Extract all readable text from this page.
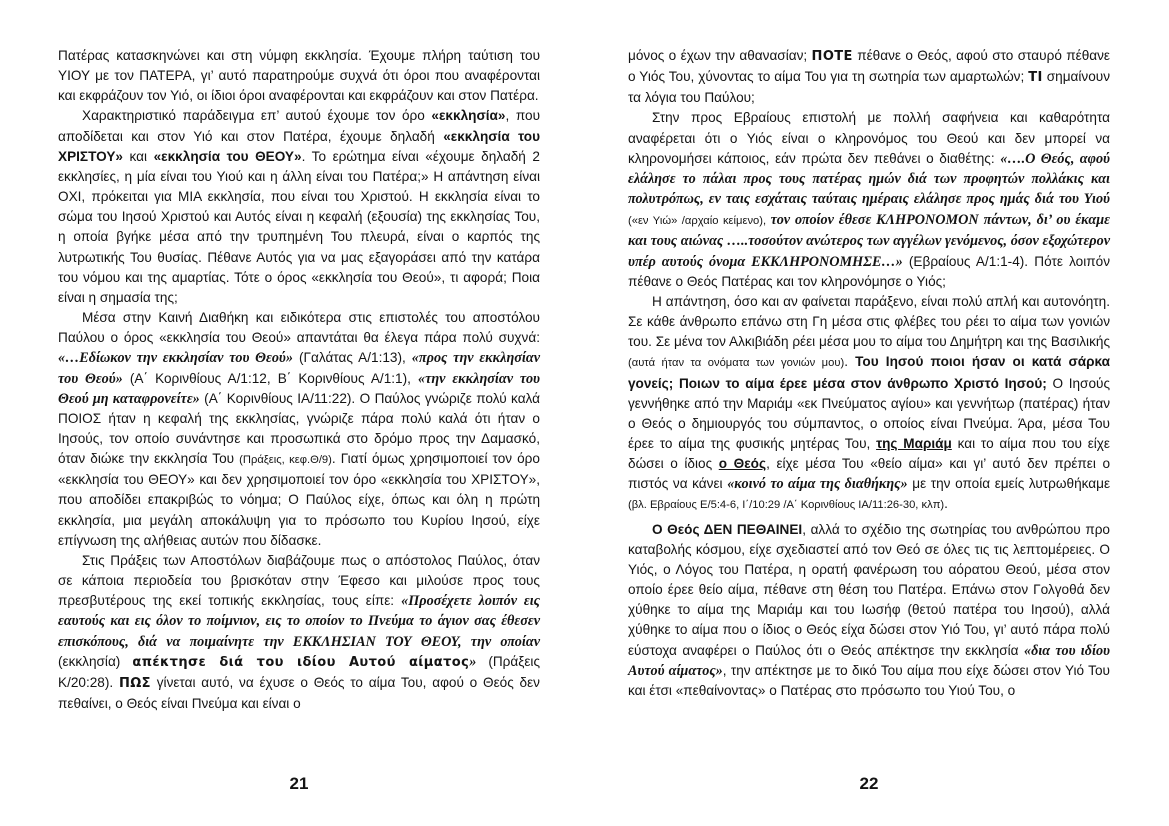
Πατέρας κατασκηνώνει και στη νύμφη εκκλησία. Έχουμε πλήρη ταύτιση του ΥΙΟΥ με τον ΠΑΤΕΡΑ, γι’ αυτό παρατηρούμε συχνά ότι όροι που αναφέρονται και εκφράζουν τον Υιό, οι ίδιοι όροι αναφέρονται και εκφράζουν και στον Πατέρα.

Χαρακτηριστικό παράδειγμα επ’ αυτού έχουμε τον όρο «εκκλησία», που αποδίδεται και στον Υιό και στον Πατέρα, έχουμε δηλαδή «εκκλησία του ΧΡΙΣΤΟΥ» και «εκκλησία του ΘΕΟΥ». Το ερώτημα είναι «έχουμε δηλαδή 2 εκκλησίες, η μία είναι του Υιού και η άλλη είναι του Πατέρα;» Η απάντηση είναι ΟΧΙ, πρόκειται για ΜΙΑ εκκλησία, που είναι του Χριστού. Η εκκλησία είναι το σώμα του Ιησού Χριστού και Αυτός είναι η κεφαλή (εξουσία) της εκκλησίας Του, η οποία βγήκε μέσα από την τρυπημένη Του πλευρά, είναι ο καρπός της λυτρωτικής Του θυσίας. Πέθανε Αυτός για να μας εξαγοράσει από την κατάρα του νόμου και της αμαρτίας. Τότε ο όρος «εκκλησία του Θεού», τι αφορά; Ποια είναι η σημασία της;

Μέσα στην Καινή Διαθήκη και ειδικότερα στις επιστολές του αποστόλου Παύλου ο όρος «εκκλησία του Θεού» απαντάται θα έλεγα πάρα πολύ συχνά: «…Εδίωκον την εκκλησίαν του Θεού» (Γαλάτας Α/1:13), «προς την εκκλησίαν του Θεού» (Α΄ Κορινθίους Α/1:12, Β΄ Κορινθίους Α/1:1), «την εκκλησίαν του Θεού μη καταφρονείτε» (Α΄ Κορινθίους ΙΑ/11:22). Ο Παύλος γνώριζε πολύ καλά ΠΟΙΟΣ ήταν η κεφαλή της εκκλησίας, γνώριζε πάρα πολύ καλά ότι ήταν ο Ιησούς, τον οποίο συνάντησε και προσωπικά στο δρόμο προς την Δαμασκό, όταν διώκε την εκκλησία Του (Πράξεις, κεφ.Θ/9). Γιατί όμως χρησιμοποιεί τον όρο «εκκλησία του ΘΕΟΥ» και δεν χρησιμοποιεί τον όρο «εκκλησία του ΧΡΙΣΤΟΥ», που αποδίδει επακριβώς το νόημα; Ο Παύλος είχε, όπως και όλη η πρώτη εκκλησία, μια μεγάλη αποκάλυψη για το πρόσωπο του Κυρίου Ιησού, είχε επίγνωση της αλήθειας αυτών που δίδασκε.

Στις Πράξεις των Αποστόλων διαβάζουμε πως ο απόστολος Παύλος, όταν σε κάποια περιοδεία του βρισκόταν στην Έφεσο και μιλούσε προς τους πρεσβυτέρους της εκεί τοπικής εκκλησίας, τους είπε: «Προσέχετε λοιπόν εις εαυτούς και εις όλον το ποίμνιον, εις το οποίον το Πνεύμα το άγιον σας έθεσεν επισκόπους, διά να ποιμαίνητε την ΕΚΚΛΗΣΙΑΝ ΤΟΥ ΘΕΟΥ, την οποίαν (εκκλησία) απέκτησε διά του ιδίου Αυτού αίματος» (Πράξεις Κ/20:28). ΠΩΣ γίνεται αυτό, να έχυσε ο Θεός το αίμα Του, αφού ο Θεός δεν πεθαίνει, ο Θεός είναι Πνεύμα και είναι ο

21

μόνος ο έχων την αθανασίαν; ΠΟΤΕ πέθανε ο Θεός, αφού στο σταυρό πέθανε ο Υιός Του, χύνοντας το αίμα Του για τη σωτηρία των αμαρτωλών; ΤΙ σημαίνουν τα λόγια του Παύλου;

Στην προς Εβραίους επιστολή με πολλή σαφήνεια και καθαρότητα αναφέρεται ότι ο Υιός είναι ο κληρονόμος του Θεού και δεν μπορεί να κληρονομήσει κάποιος, εάν πρώτα δεν πεθάνει ο διαθέτης: «….Ο Θεός, αφού ελάλησε το πάλαι προς τους πατέρας ημών διά των προφητών πολλάκις και πολυτρόπως, εν ταις εσχάταις ταύταις ημέραις ελάλησε προς ημάς διά του Υιού («εν Υιώ» /αρχαίο κείμενο), τον οποίον έθεσε ΚΛΗΡΟΝΟΜΟΝ πάντων, δι’ ου έκαμε και τους αιώνας …..τοσούτον ανώτερος των αγγέλων γενόμενος, όσον εξοχώτερον υπέρ αυτούς όνομα ΕΚΚΛΗΡΟΝΟΜΗΣΕ…» (Εβραίους Α/1:1-4). Πότε λοιπόν πέθανε ο Θεός Πατέρας και τον κληρονόμησε ο Υιός;

Η απάντηση, όσο και αν φαίνεται παράξενο, είναι πολύ απλή και αυτονόητη. Σε κάθε άνθρωπο επάνω στη Γη μέσα στις φλέβες του ρέει το αίμα των γονιών του. Σε μένα τον Αλκιβιάδη ρέει μέσα μου το αίμα του Δημήτρη και της Βασιλικής (αυτά ήταν τα ονόματα των γονιών μου). Του Ιησού ποιοι ήσαν οι κατά σάρκα γονείς; Ποιων το αίμα έρεε μέσα στον άνθρωπο Χριστό Ιησού; Ο Ιησούς γεννήθηκε από την Μαριάμ «εκ Πνεύματος αγίου» και γεννήτωρ (πατέρας) ήταν ο Θεός ο δημιουργός του σύμπαντος, ο οποίος είναι Πνεύμα. Άρα, μέσα Του έρεε το αίμα της φυσικής μητέρας Του, της Μαριάμ και το αίμα που του είχε δώσει ο ίδιος ο Θεός, είχε μέσα Του «θείο αίμα» και γι’ αυτό δεν πρέπει ο πιστός να κάνει «κοινό το αίμα της διαθήκης» με την οποία εμείς λυτρωθήκαμε (βλ. Εβραίους Ε/5:4-6, Ι΄/10:29 /Α΄ Κορινθίους ΙΑ/11:26-30, κλπ).

Ο Θεός ΔΕΝ ΠΕΘΑΙΝΕΙ, αλλά το σχέδιο της σωτηρίας του ανθρώπου προ καταβολής κόσμου, είχε σχεδιαστεί από τον Θεό σε όλες τις τις λεπτομέρειες. Ο Υιός, ο Λόγος του Πατέρα, η ορατή φανέρωση του αόρατου Θεού, μέσα στον οποίο έρεε θείο αίμα, πέθανε στη θέση του Πατέρα. Επάνω στον Γολγοθά δεν χύθηκε το αίμα της Μαριάμ και του Ιωσήφ (θετού πατέρα του Ιησού), αλλά χύθηκε το αίμα που ο ίδιος ο Θεός είχα δώσει στον Υιό Του, γι’ αυτό πάρα πολύ εύστοχα αναφέρει ο Παύλος ότι ο Θεός απέκτησε την εκκλησία «δια του ιδίου Αυτού αίματος», την απέκτησε με το δικό Του αίμα που είχε δώσει στον Υιό Του και έτσι «πεθαίνοντας» ο Πατέρας στο πρόσωπο του Υιού Του, ο

22
